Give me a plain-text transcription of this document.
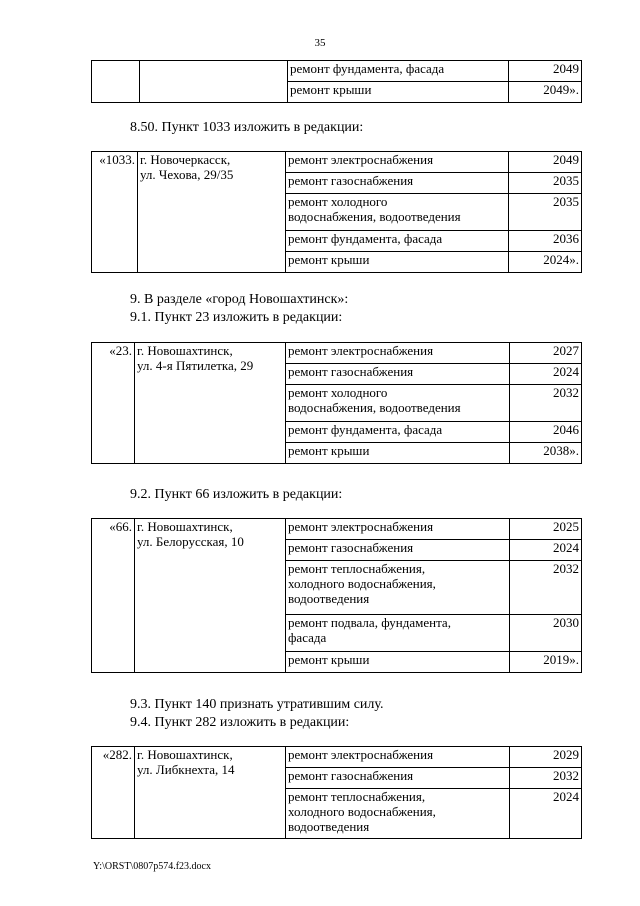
35
		ремонт фундамента, фасада	2049
		ремонт крыши	2049».
8.50. Пункт 1033 изложить в редакции:
«1033.	г. Новочеркасск,
ул. Чехова, 29/35	ремонт электроснабжения	2049
		ремонт газоснабжения	2035

		ремонт холодного
водоснабжения, водоотведения	2035
		ремонт фундамента, фасада	2036
		ремонт крыши	2024».
9. В разделе «город Новошахтинск»:
9.1. Пункт 23 изложить в редакции:
«23.	г. Новошахтинск,
ул. 4-я Пятилетка, 29	ремонт электроснабжения	2027
		ремонт газоснабжения	2024

		ремонт холодного
водоснабжения, водоотведения	2032
		ремонт фундамента, фасада	2046
		ремонт крыши	2038».
9.2. Пункт 66 изложить в редакции:
«66.	г. Новошахтинск,
ул. Белорусская, 10	ремонт электроснабжения	2025
		ремонт газоснабжения	2024

		ремонт теплоснабжения,
холодного водоснабжения,
водоотведения	2032

		ремонт подвала, фундамента,
фасада	2030
		ремонт крыши	2019».
9.3. Пункт 140 признать утратившим силу.
9.4. Пункт 282 изложить в редакции:
«282.	г. Новошахтинск,
ул. Либкнехта, 14	ремонт электроснабжения	2029
		ремонт газоснабжения	2032

		ремонт теплоснабжения,
холодного водоснабжения,
водоотведения	2024
Y:\ORST\0807p574.f23.docx
